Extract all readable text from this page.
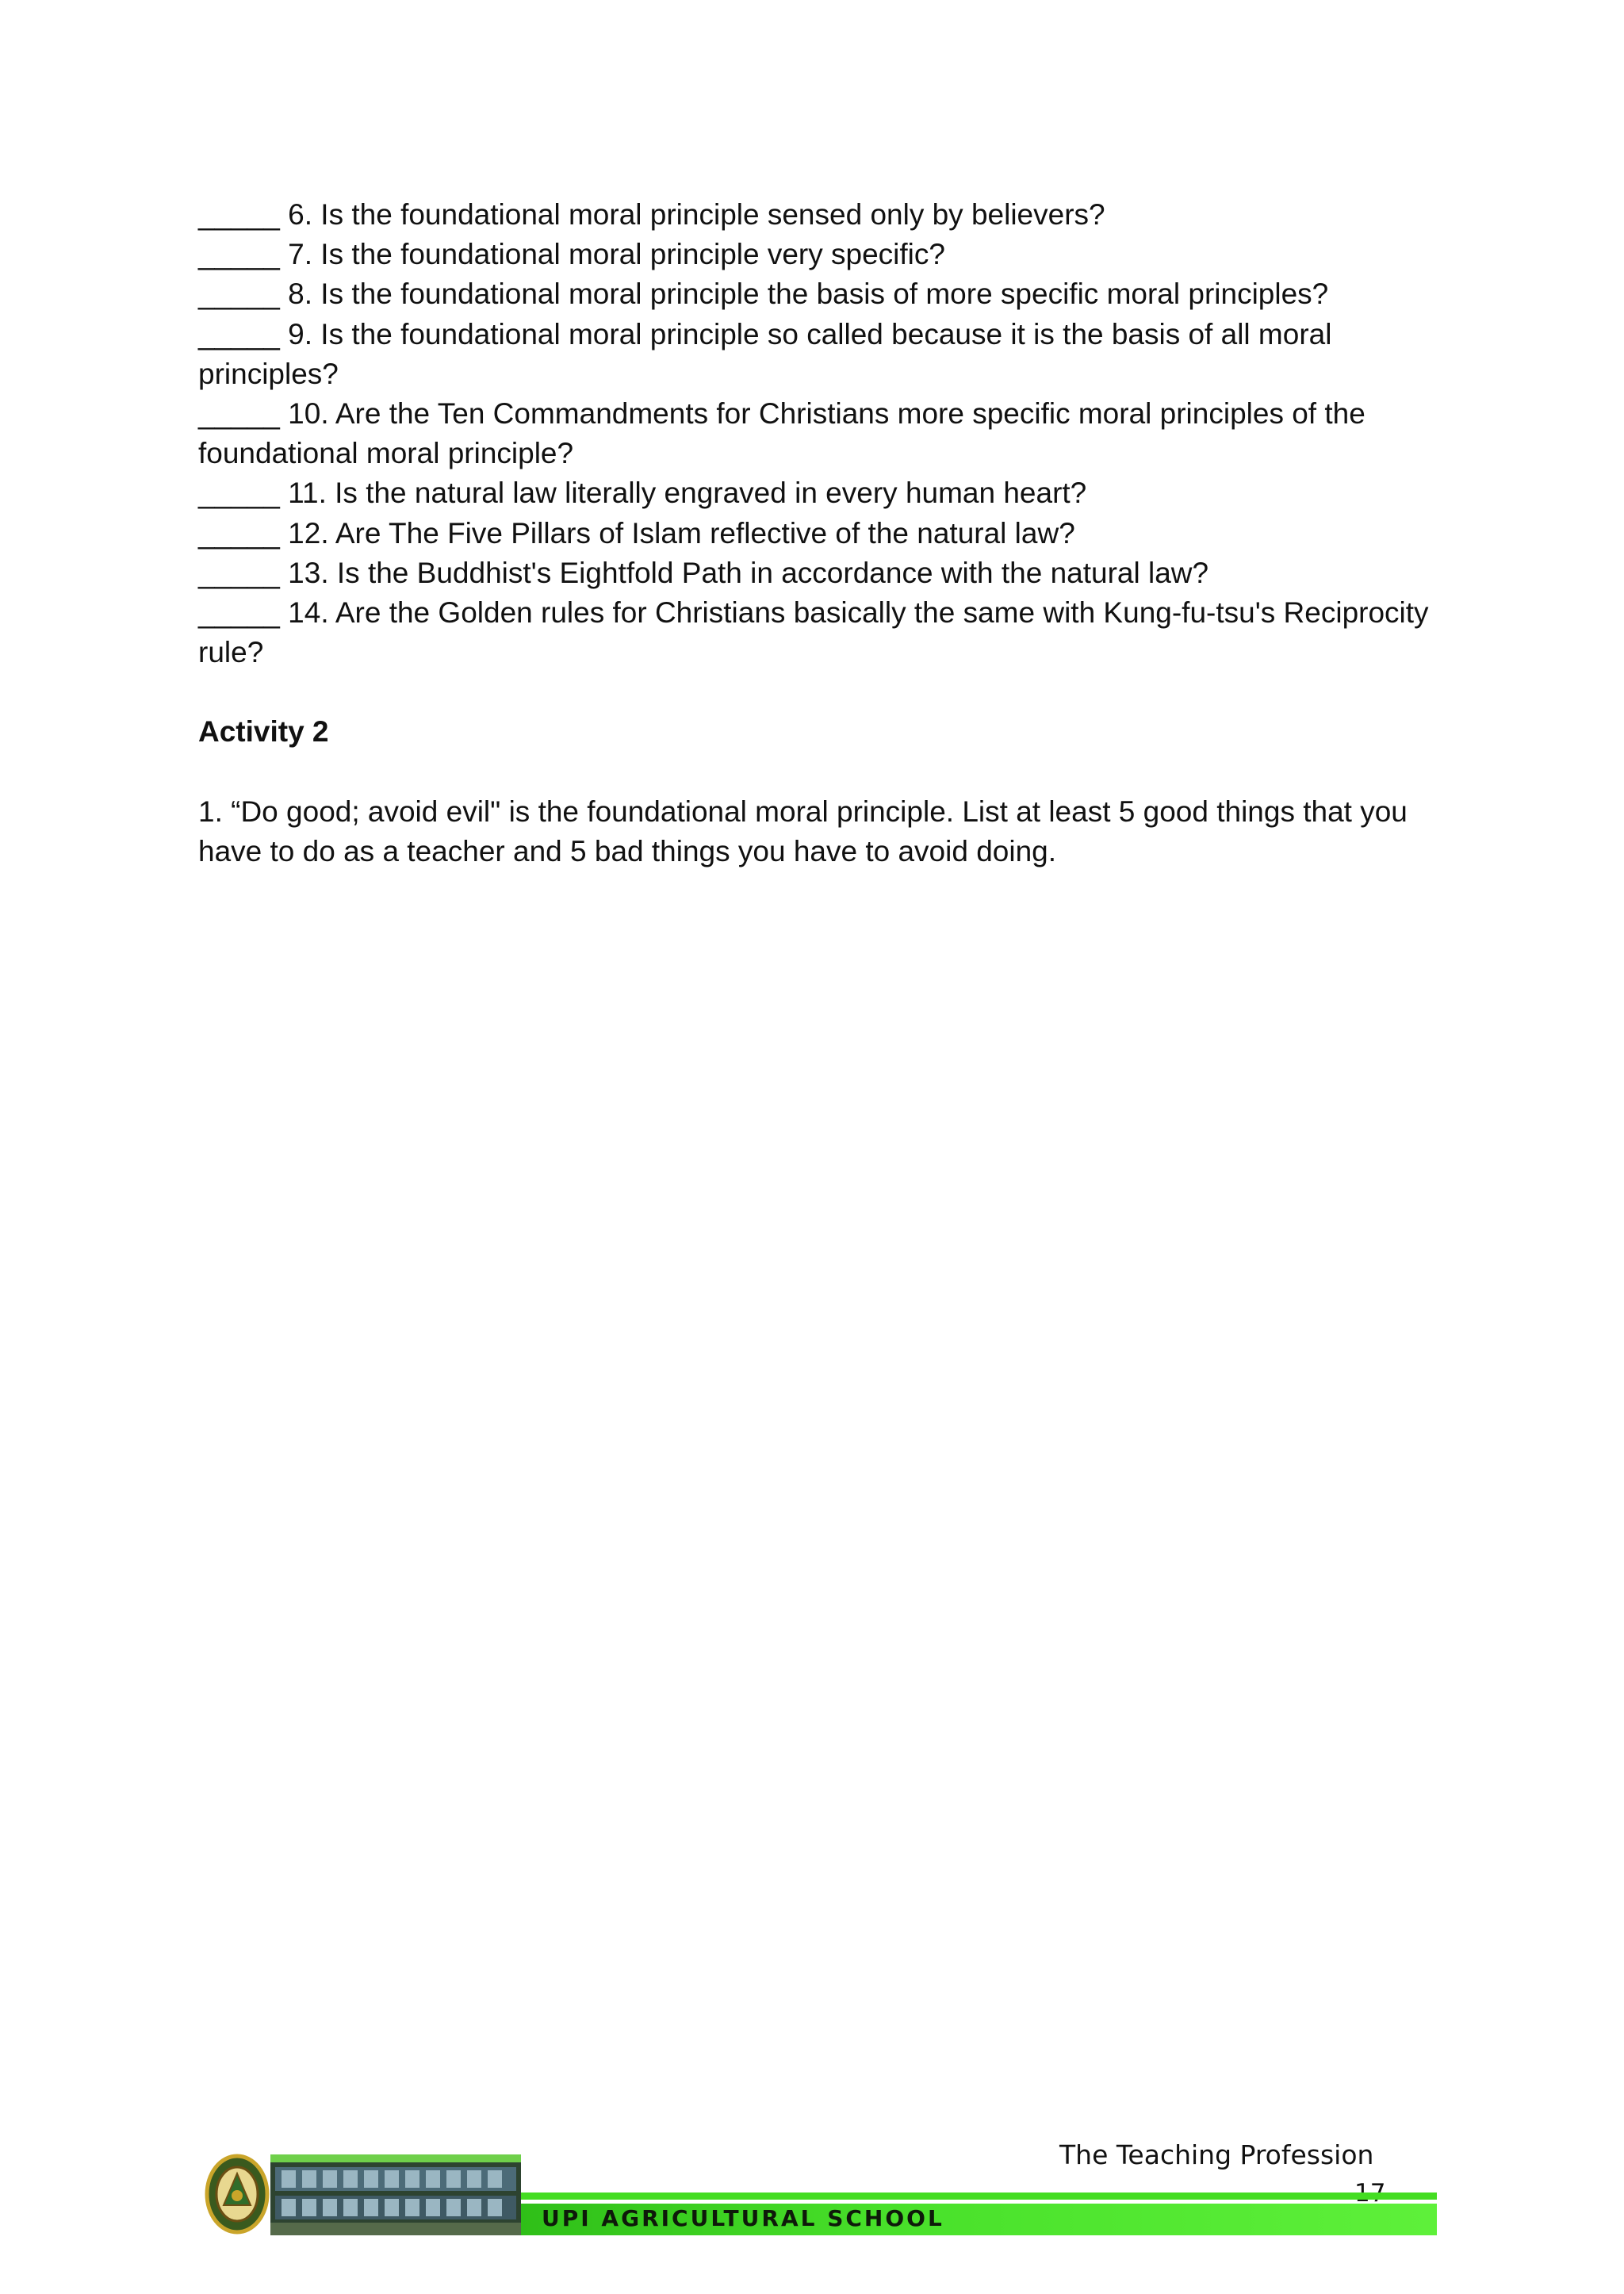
_____ 6. Is the foundational moral principle sensed only by believers?

_____ 7. Is the foundational moral principle very specific?

_____ 8. Is the foundational moral principle the basis of more specific moral principles?

_____ 9. Is the foundational moral principle so called because it is the basis of all moral principles?

_____ 10. Are the Ten Commandments for Christians more specific moral principles of the foundational moral principle?

_____ 11. Is the natural law literally engraved in every human heart?

_____ 12. Are The Five Pillars of Islam reflective of the natural law?

_____ 13. Is the Buddhist's Eightfold Path in accordance with the natural law?

_____ 14. Are the Golden rules for Christians basically the same with Kung-fu-tsu's Reciprocity rule?

Activity 2

1. “Do good; avoid evil" is the foundational moral principle. List at least 5 good things that you have to do as a teacher and 5 bad things you have to avoid doing.

The Teaching Profession
UPI AGRICULTURAL SCHOOL
